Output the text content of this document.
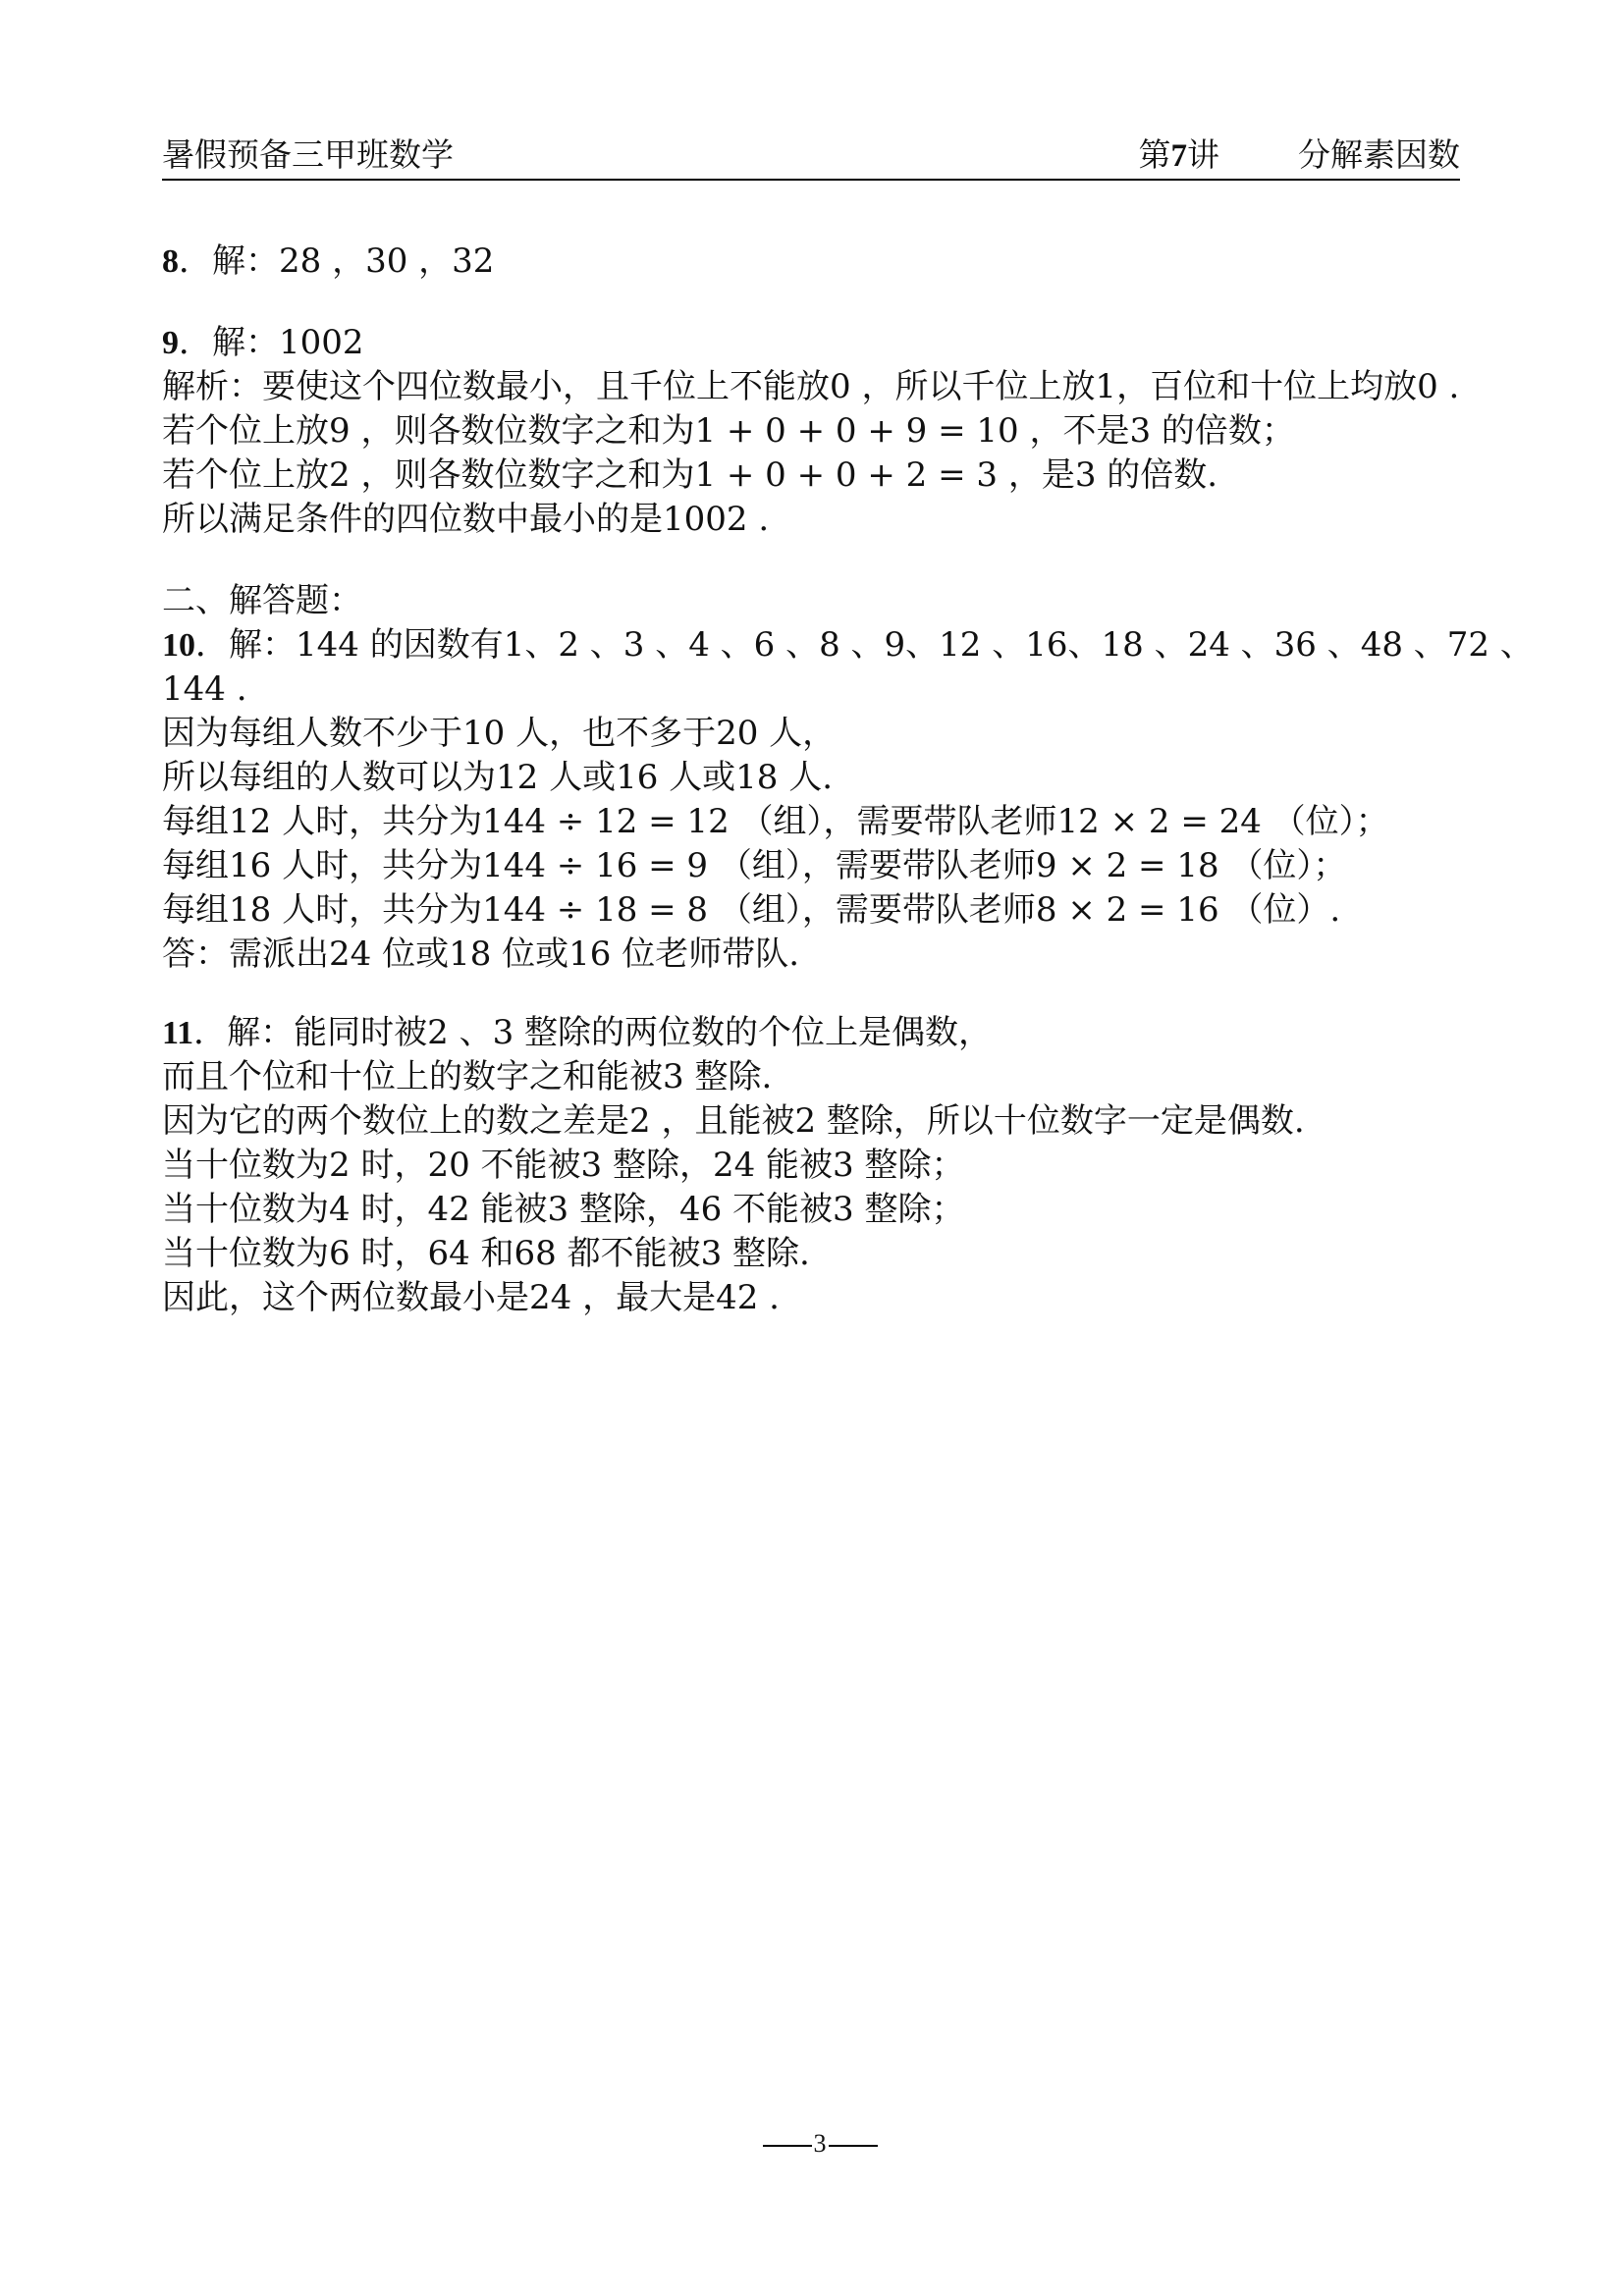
暑假预备三甲班数学	第7讲 分解素因数
8．解：28 ，30 ，32
9．解：1002
解析：要使这个四位数最小，且千位上不能放0 ，所以千位上放1，百位和十位上均放0 .
若个位上放9 ，则各数位数字之和为1 + 0 + 0 + 9 = 10 ，不是3 的倍数；
若个位上放2 ，则各数位数字之和为1 + 0 + 0 + 2 = 3 ，是3 的倍数.
所以满足条件的四位数中最小的是1002 .
二、解答题：
10．解：144 的因数有1、2 、3 、4 、6 、8 、9、12 、16、18 、24 、36 、48 、72 、
144 .
因为每组人数不少于10 人，也不多于20 人，
所以每组的人数可以为12 人或16 人或18 人.
每组12 人时，共分为144 ÷ 12 = 12 （组），需要带队老师12 × 2 = 24 （位）；
每组16 人时，共分为144 ÷ 16 = 9 （组），需要带队老师9 × 2 = 18 （位）；
每组18 人时，共分为144 ÷ 18 = 8 （组），需要带队老师8 × 2 = 16 （位）.
答：需派出24 位或18 位或16 位老师带队.
11．解：能同时被2 、3 整除的两位数的个位上是偶数，
而且个位和十位上的数字之和能被3 整除.
因为它的两个数位上的数之差是2 ，且能被2 整除，所以十位数字一定是偶数.
当十位数为2 时，20 不能被3 整除，24 能被3 整除；
当十位数为4 时，42 能被3 整除，46 不能被3 整除；
当十位数为6 时，64 和68 都不能被3 整除.
因此，这个两位数最小是24 ，最大是42 .
3
